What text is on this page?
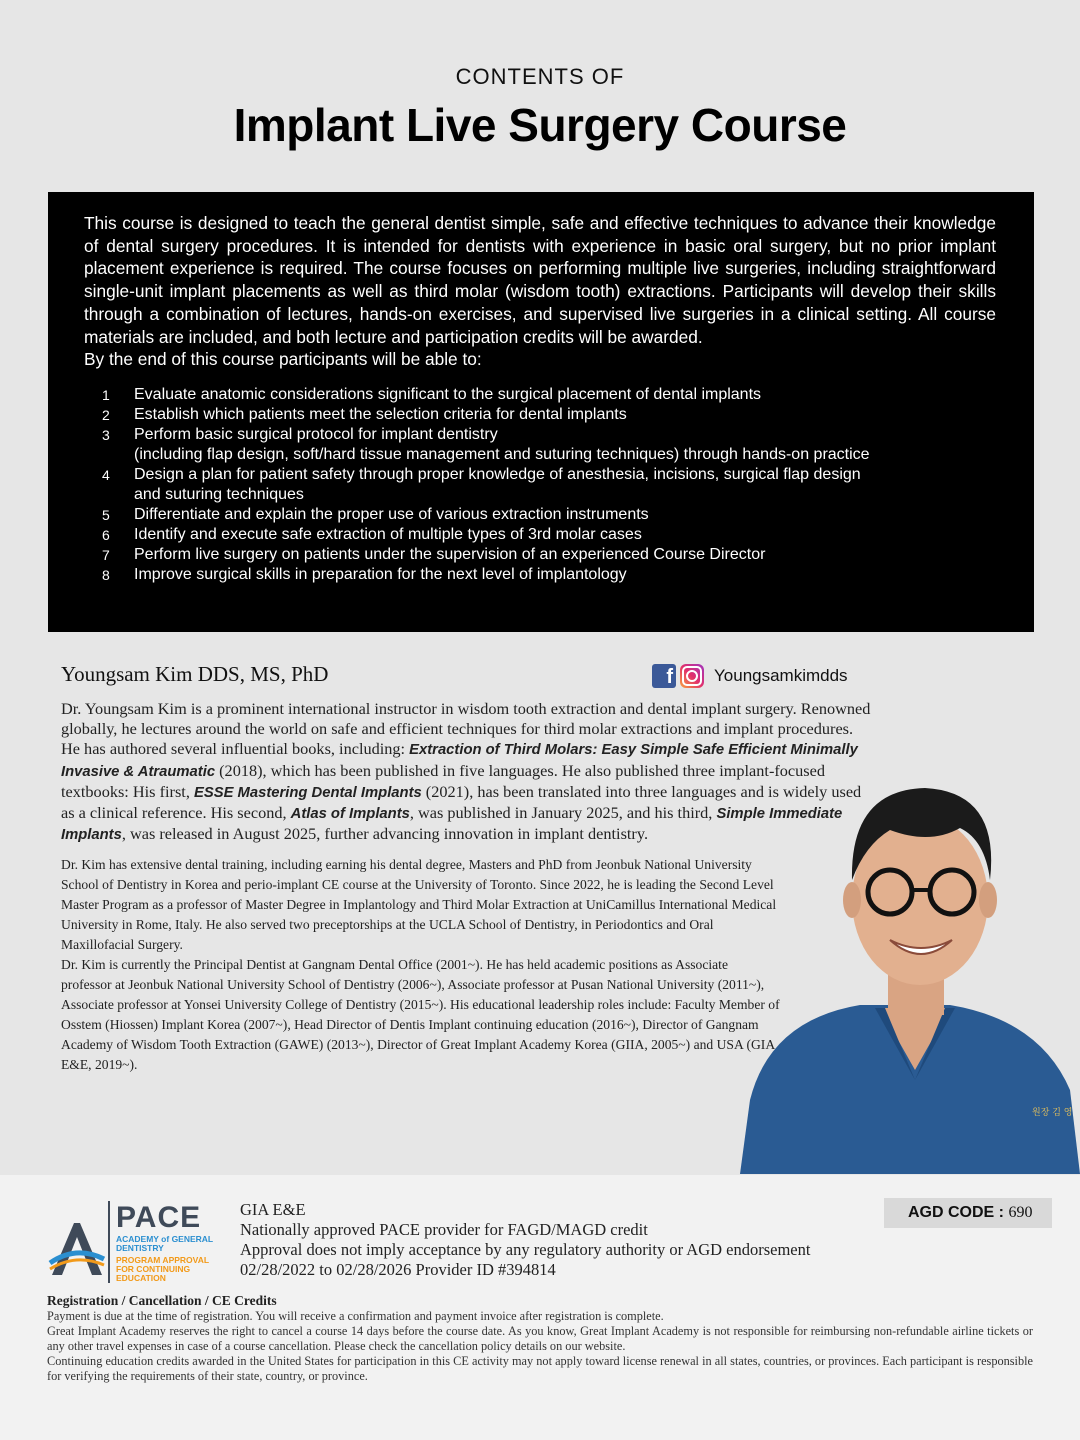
CONTENTS OF
Implant Live Surgery Course

This course is designed to teach the general dentist simple, safe and effective techniques to advance their knowledge of dental surgery procedures. It is intended for dentists with experience in basic oral surgery, but no prior implant placement experience is required. The course focuses on performing multiple live surgeries, including straightforward single-unit implant placements as well as third molar (wisdom tooth) extractions. Participants will develop their skills through a combination of lectures, hands-on exercises, and supervised live surgeries in a clinical setting. All course materials are included, and both lecture and participation credits will be awarded.

By the end of this course participants will be able to:

1	Evaluate anatomic considerations significant to the surgical placement of dental implants
2	Establish which patients meet the selection criteria for dental implants
3	Perform basic surgical protocol for implant dentistry
(including flap design, soft/hard tissue management and suturing techniques) through hands-on practice
4	Design a plan for patient safety through proper knowledge of anesthesia, incisions, surgical flap design
and suturing techniques
5	Differentiate and explain the proper use of various extraction instruments
6	Identify and execute safe extraction of multiple types of 3rd molar cases
7	Perform live surgery on patients under the supervision of an experienced Course Director
8	Improve surgical skills in preparation for the next level of implantology
f Youngsamkimdds

Youngsam Kim DDS, MS, PhD

Dr. Youngsam Kim is a prominent international instructor in wisdom tooth extraction and dental implant surgery. Renowned globally, he lectures around the world on safe and efficient techniques for third molar extractions and implant procedures.
He has authored several influential books, including: Extraction of Third Molars: Easy Simple Safe Efficient Minimally Invasive & Atraumatic (2018), which has been published in five languages. He also published three implant-focused textbooks: His first, ESSE Mastering Dental Implants (2021), has been translated into three languages and is widely used as a clinical reference. His second, Atlas of Implants, was published in January 2025, and his third, Simple Immediate Implants, was released in August 2025, further advancing innovation in implant dentistry.

Dr. Kim has extensive dental training, including earning his dental degree, Masters and PhD from Jeonbuk National University School of Dentistry in Korea and perio-implant CE course at the University of Toronto. Since 2022, he is leading the Second Level Master Program as a professor of Master Degree in Implantology and Third Molar Extraction at UniCamillus International Medical University in Rome, Italy. He also served two preceptorships at the UCLA School of Dentistry, in Periodontics and Oral Maxillofacial Surgery.
Dr. Kim is currently the Principal Dentist at Gangnam Dental Office (2001~). He has held academic positions as Associate professor at Jeonbuk National University School of Dentistry (2006~), Associate professor at Pusan National University (2011~), Associate professor at Yonsei University College of Dentistry (2015~). His educational leadership roles include: Faculty Member of Osstem (Hiossen) Implant Korea (2007~), Head Director of Dentis Implant continuing education (2016~), Director of Gangnam Academy of Wisdom Tooth Extraction (GAWE) (2013~), Director of Great Implant Academy Korea (GIIA, 2005~) and USA (GIA E&E, 2019~).

원장 김 영
PACE
ACADEMY of GENERAL DENTISTRY
PROGRAM APPROVAL FOR CONTINUING EDUCATION
GIA E&E
Nationally approved PACE provider for FAGD/MAGD credit
Approval does not imply acceptance by any regulatory authority or AGD endorsement
02/28/2022 to 02/28/2026 Provider ID #394814
AGD CODE : 690

Registration / Cancellation / CE Credits

Payment is due at the time of registration. You will receive a confirmation and payment invoice after registration is complete.

Great Implant Academy reserves the right to cancel a course 14 days before the course date. As you know, Great Implant Academy is not responsible for reimbursing non-refundable airline tickets or any other travel expenses in case of a course cancellation. Please check the cancellation policy details on our website.

Continuing education credits awarded in the United States for participation in this CE activity may not apply toward license renewal in all states, countries, or provinces. Each participant is responsible for verifying the requirements of their state, country, or province.
